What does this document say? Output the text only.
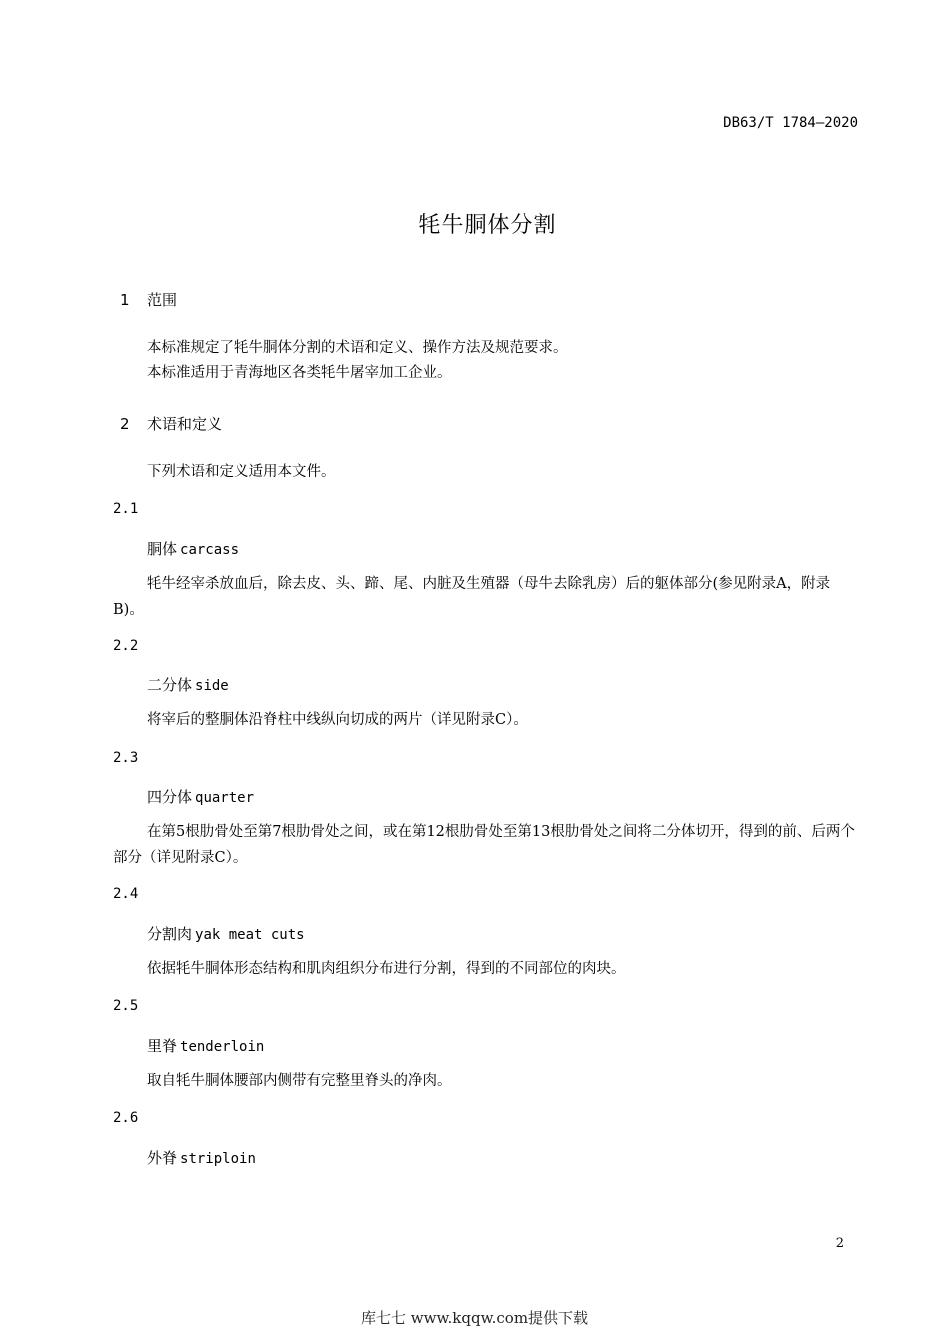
DB63/T 1784—2020
牦牛胴体分割
1 范围
本标准规定了牦牛胴体分割的术语和定义、操作方法及规范要求。
本标准适用于青海地区各类牦牛屠宰加工企业。
2 术语和定义
下列术语和定义适用本文件。
2.1
胴体 carcass
牦牛经宰杀放血后，除去皮、头、蹄、尾、内脏及生殖器（母牛去除乳房）后的躯体部分(参见附录A，附录B)。
2.2
二分体 side
将宰后的整胴体沿脊柱中线纵向切成的两片（详见附录C）。
2.3
四分体 quarter
在第5根肋骨处至第7根肋骨处之间，或在第12根肋骨处至第13根肋骨处之间将二分体切开，得到的前、后两个部分（详见附录C）。
2.4
分割肉 yak meat cuts
依据牦牛胴体形态结构和肌肉组织分布进行分割，得到的不同部位的肉块。
2.5
里脊 tenderloin
取自牦牛胴体腰部内侧带有完整里脊头的净肉。
2.6
外脊 striploin
2
库七七 www.kqqw.com提供下载
